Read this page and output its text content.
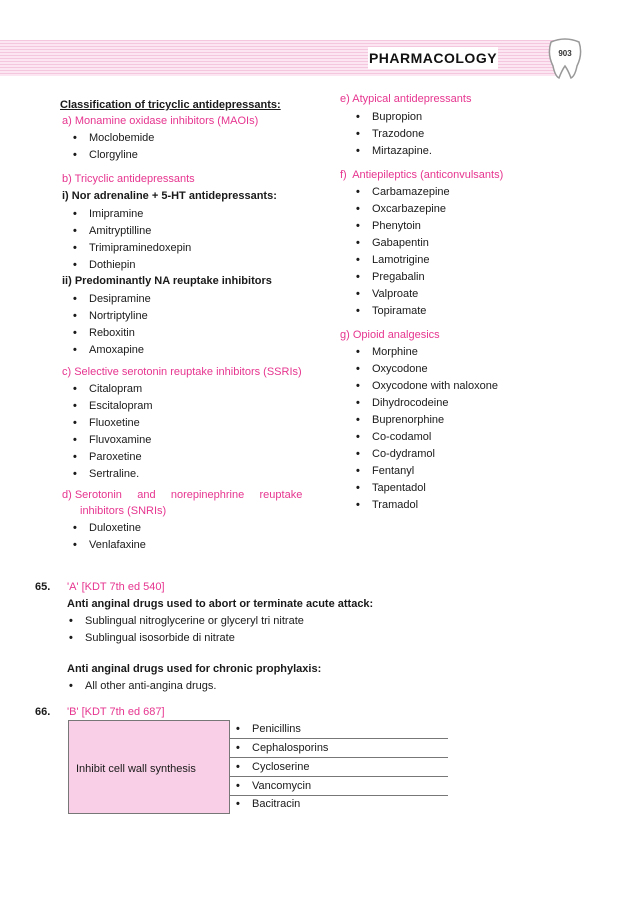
PHARMACOLOGY	903
Classification of tricyclic antidepressants:
a) Monamine oxidase inhibitors (MAOIs)
• Moclobemide
• Clorgyline
b) Tricyclic antidepressants
i) Nor adrenaline + 5-HT antidepressants:
• Imipramine
• Amitryptilline
• Trimipraminedoxepin
• Dothiepin
ii) Predominantly NA reuptake inhibitors
• Desipramine
• Nortriptyline
• Reboxitin
• Amoxapine
c) Selective serotonin reuptake inhibitors (SSRIs)
• Citalopram
• Escitalopram
• Fluoxetine
• Fluvoxamine
• Paroxetine
• Sertraline.
d) Serotonin     and     norepinephrine     reuptake
inhibitors (SNRIs)
• Duloxetine
• Venlafaxine
e) Atypical antidepressants
• Bupropion
• Trazodone
• Mirtazapine.
f)  Antiepileptics (anticonvulsants)
• Carbamazepine
• Oxcarbazepine
• Phenytoin
• Gabapentin
• Lamotrigine
• Pregabalin
• Valproate
• Topiramate
g) Opioid analgesics
• Morphine
• Oxycodone
• Oxycodone with naloxone
• Dihydrocodeine
• Buprenorphine
• Co-codamol
• Co-dydramol
• Fentanyl
• Tapentadol
• Tramadol
65. 'A' [KDT 7th ed 540]
Anti anginal drugs used to abort or terminate acute attack:
• Sublingual nitroglycerine or glyceryl tri nitrate
• Sublingual isosorbide di nitrate
Anti anginal drugs used for chronic prophylaxis:
• All other anti-angina drugs.
66. 'B' [KDT 7th ed 687]
Inhibit cell wall synthesis
• Penicillins
• Cephalosporins
• Cycloserine
• Vancomycin
• Bacitracin
